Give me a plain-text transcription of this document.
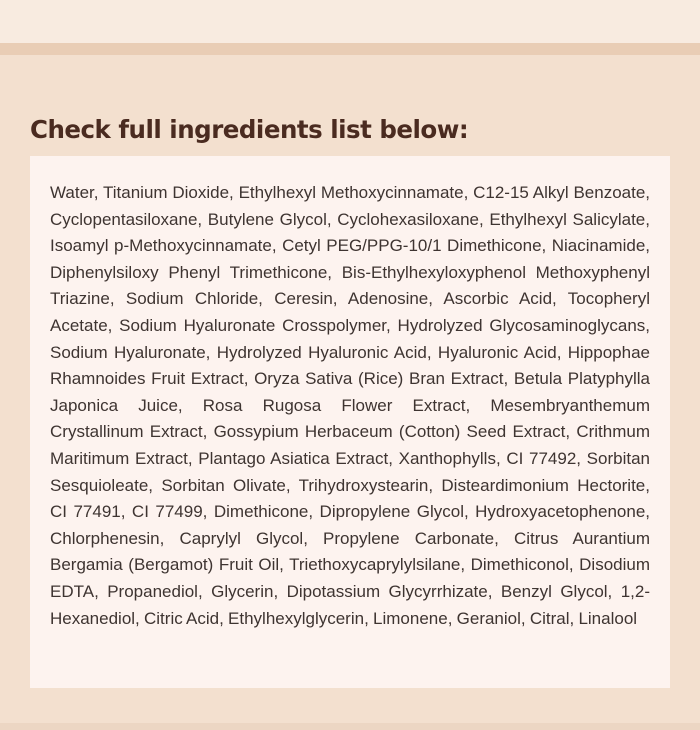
Check full ingredients list below:

Water, Titanium Dioxide, Ethylhexyl Methoxycinnamate, C12-15 Alkyl Benzoate, Cyclopentasiloxane, Butylene Glycol, Cyclohexasiloxane, Ethylhexyl Salicylate, Isoamyl p-Methoxycinnamate, Cetyl PEG/PPG-10/1 Dimethicone, Niacinamide, Diphenylsiloxy Phenyl Trimethicone, Bis-Ethylhexyloxyphenol Methoxyphenyl Triazine, Sodium Chloride, Ceresin, Adenosine, Ascorbic Acid, Tocopheryl Acetate, Sodium Hyaluronate Crosspolymer, Hydrolyzed Glycosaminoglycans, Sodium Hyaluronate, Hydrolyzed Hyaluronic Acid, Hyaluronic Acid, Hippophae Rhamnoides Fruit Extract, Oryza Sativa (Rice) Bran Extract, Betula Platyphylla Japonica Juice, Rosa Rugosa Flower Extract, Mesembryanthemum Crystallinum Extract, Gossypium Herbaceum (Cotton) Seed Extract, Crithmum Maritimum Extract, Plantago Asiatica Extract, Xanthophylls, CI 77492, Sorbitan Sesquioleate, Sorbitan Olivate, Trihydroxystearin, Disteardimonium Hectorite, CI 77491, CI 77499, Dimethicone, Dipropylene Glycol, Hydroxyacetophenone, Chlorphenesin, Caprylyl Glycol, Propylene Carbonate, Citrus Aurantium Bergamia (Bergamot) Fruit Oil, Triethoxycaprylylsilane, Dimethiconol, Disodium EDTA, Propanediol, Glycerin, Dipotassium Glycyrrhizate, Benzyl Glycol, 1,2-Hexanediol, Citric Acid, Ethylhexylglycerin, Limonene, Geraniol, Citral, Linalool
